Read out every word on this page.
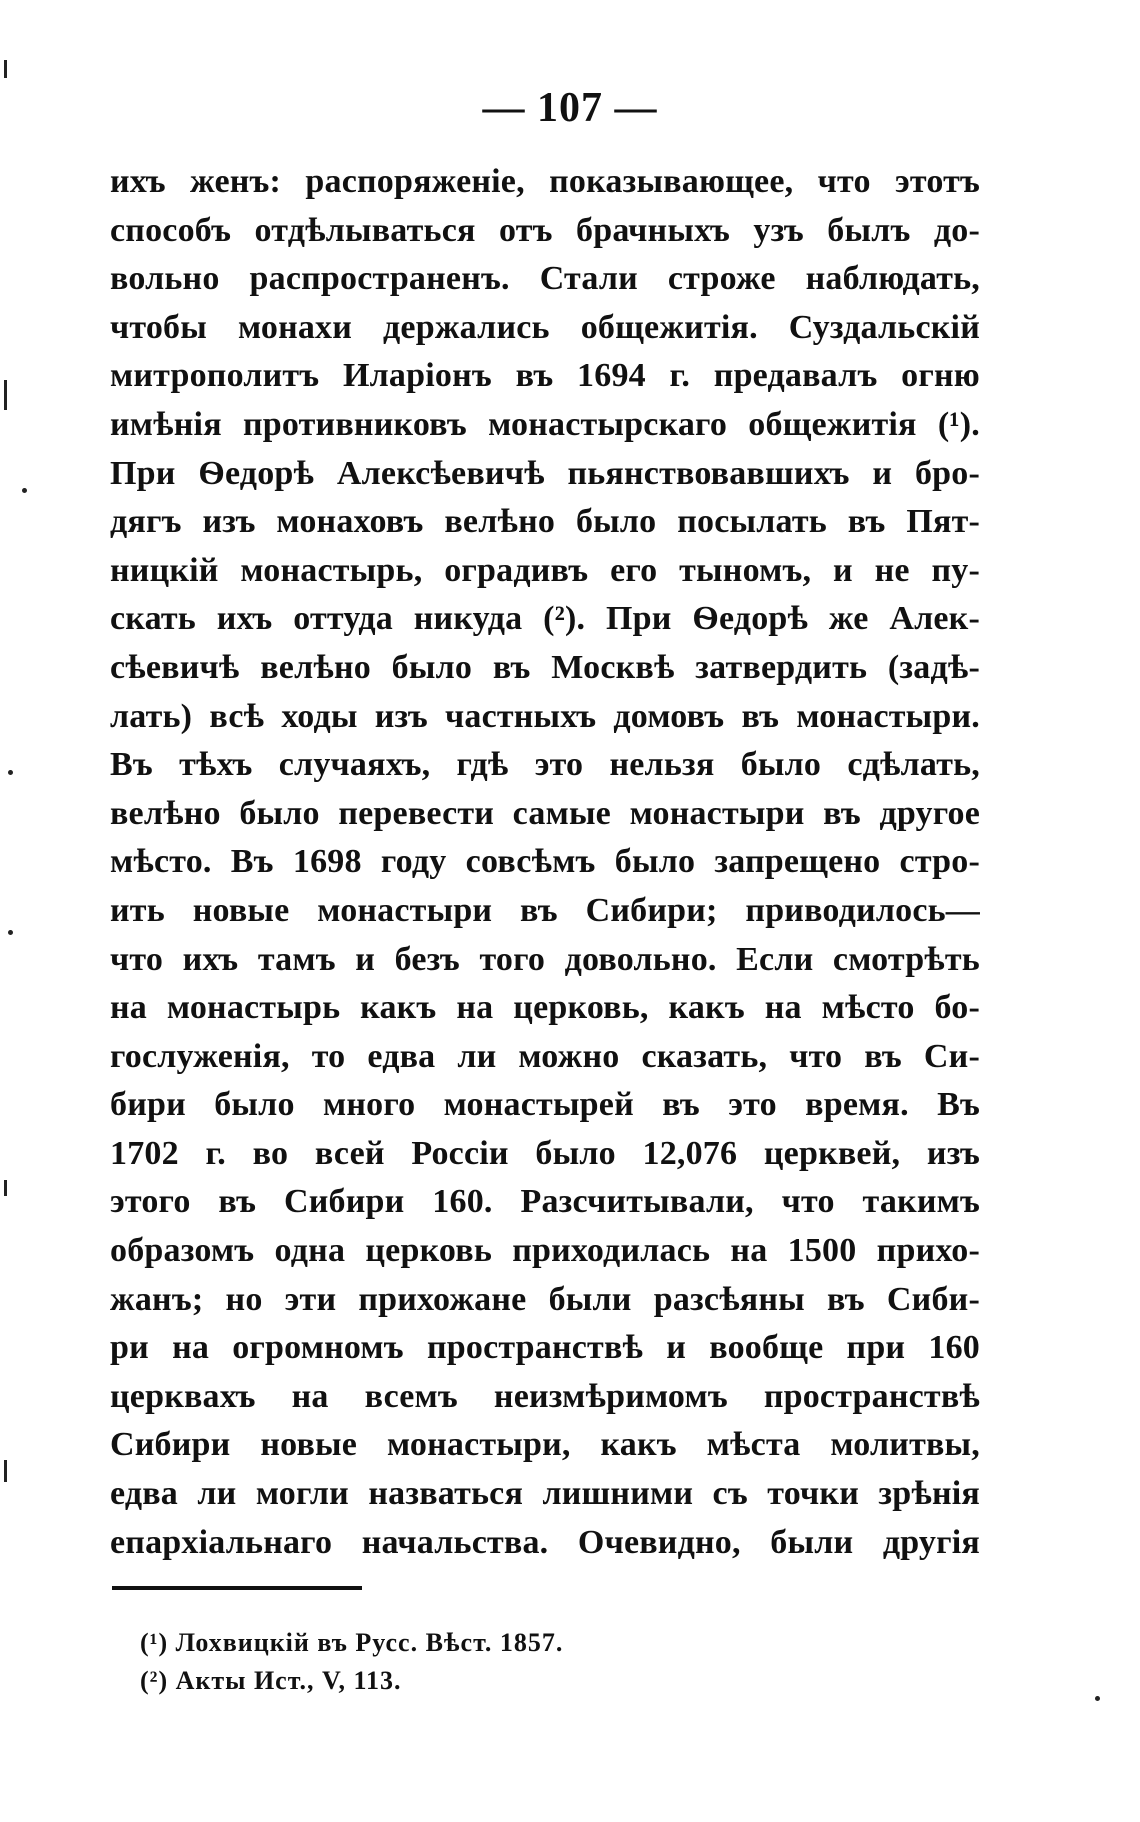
— 107 —
ихъ женъ: распоряженіе, показывающее, что этотъ
способъ отдѣлываться отъ брачныхъ узъ былъ до-
вольно распространенъ. Стали строже наблюдать,
чтобы монахи держались общежитія. Суздальскій
митрополитъ Иларіонъ въ 1694 г. предавалъ огню
имѣнія противниковъ монастырскаго общежитія (¹).
При Ѳедорѣ Алексѣевичѣ пьянствовавшихъ и бро-
дягъ изъ монаховъ велѣно было посылать въ Пят-
ницкій монастырь, оградивъ его тыномъ, и не пу-
скать ихъ оттуда никуда (²). При Ѳедорѣ же Алек-
сѣевичѣ велѣно было въ Москвѣ затвердить (задѣ-
лать) всѣ ходы изъ частныхъ домовъ въ монастыри.
Въ тѣхъ случаяхъ, гдѣ это нельзя было сдѣлать,
велѣно было перевести самые монастыри въ другое
мѣсто. Въ 1698 году совсѣмъ было запрещено стро-
ить новые монастыри въ Сибири; приводилось—
что ихъ тамъ и безъ того довольно. Если смотрѣть
на монастырь какъ на церковь, какъ на мѣсто бо-
гослуженія, то едва ли можно сказать, что въ Си-
бири было много монастырей въ это время. Въ
1702 г. во всей Россіи было 12,076 церквей, изъ
этого въ Сибири 160. Разсчитывали, что такимъ
образомъ одна церковь приходилась на 1500 прихо-
жанъ; но эти прихожане были разсѣяны въ Сиби-
ри на огромномъ пространствѣ и вообще при 160
церквахъ на всемъ неизмѣримомъ пространствѣ
Сибири новые монастыри, какъ мѣста молитвы,
едва ли могли назваться лишними съ точки зрѣнія
епархіальнаго начальства. Очевидно, были другія
(¹) Лохвицкій въ Русс. Вѣст. 1857.
(²) Акты Ист., V, 113.
